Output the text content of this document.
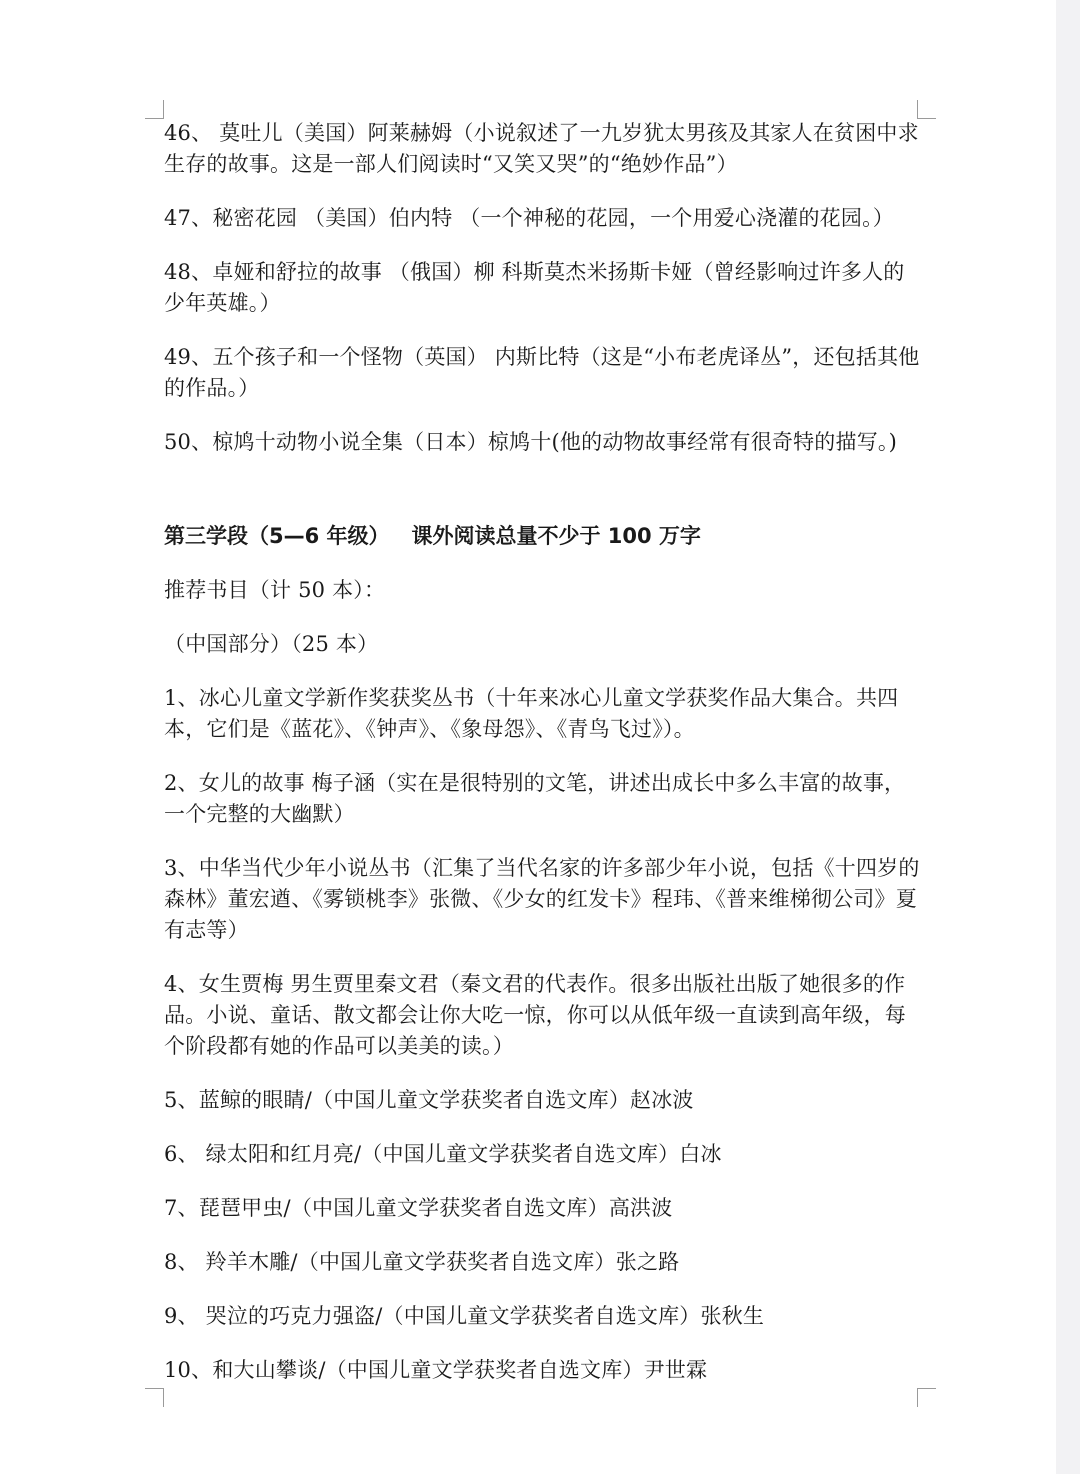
46、 莫吐儿（美国）阿莱赫姆（小说叙述了一九岁犹太男孩及其家人在贫困中求生存的故事。这是一部人们阅读时“又笑又哭”的“绝妙作品”）

47、秘密花园 （美国）伯内特 （一个神秘的花园，一个用爱心浇灌的花园。）

48、卓娅和舒拉的故事 （俄国）柳 科斯莫杰米扬斯卡娅（曾经影响过许多人的少年英雄。）

49、五个孩子和一个怪物（英国） 内斯比特（这是“小布老虎译丛”，还包括其他的作品。）

50、椋鸠十动物小说全集（日本）椋鸠十(他的动物故事经常有很奇特的描写。)

第三学段（5—6 年级）   课外阅读总量不少于 100 万字

推荐书目（计 50 本）：

（中国部分）（25 本）

1、冰心儿童文学新作奖获奖丛书（十年来冰心儿童文学获奖作品大集合。共四本，它们是《蓝花》、《钟声》、《象母怨》、《青鸟飞过》）。

2、女儿的故事 梅子涵（实在是很特别的文笔，讲述出成长中多么丰富的故事，一个完整的大幽默）

3、中华当代少年小说丛书（汇集了当代名家的许多部少年小说，包括《十四岁的森林》董宏遒、《雾锁桃李》张微、《少女的红发卡》程玮、《普来维梯彻公司》夏有志等）

4、女生贾梅 男生贾里秦文君（秦文君的代表作。很多出版社出版了她很多的作品。小说、童话、散文都会让你大吃一惊，你可以从低年级一直读到高年级，每个阶段都有她的作品可以美美的读。）

5、蓝鲸的眼睛/（中国儿童文学获奖者自选文库）赵冰波

6、 绿太阳和红月亮/（中国儿童文学获奖者自选文库）白冰

7、琵琶甲虫/（中国儿童文学获奖者自选文库）高洪波

8、 羚羊木雕/（中国儿童文学获奖者自选文库）张之路

9、 哭泣的巧克力强盗/（中国儿童文学获奖者自选文库）张秋生

10、和大山攀谈/（中国儿童文学获奖者自选文库）尹世霖
